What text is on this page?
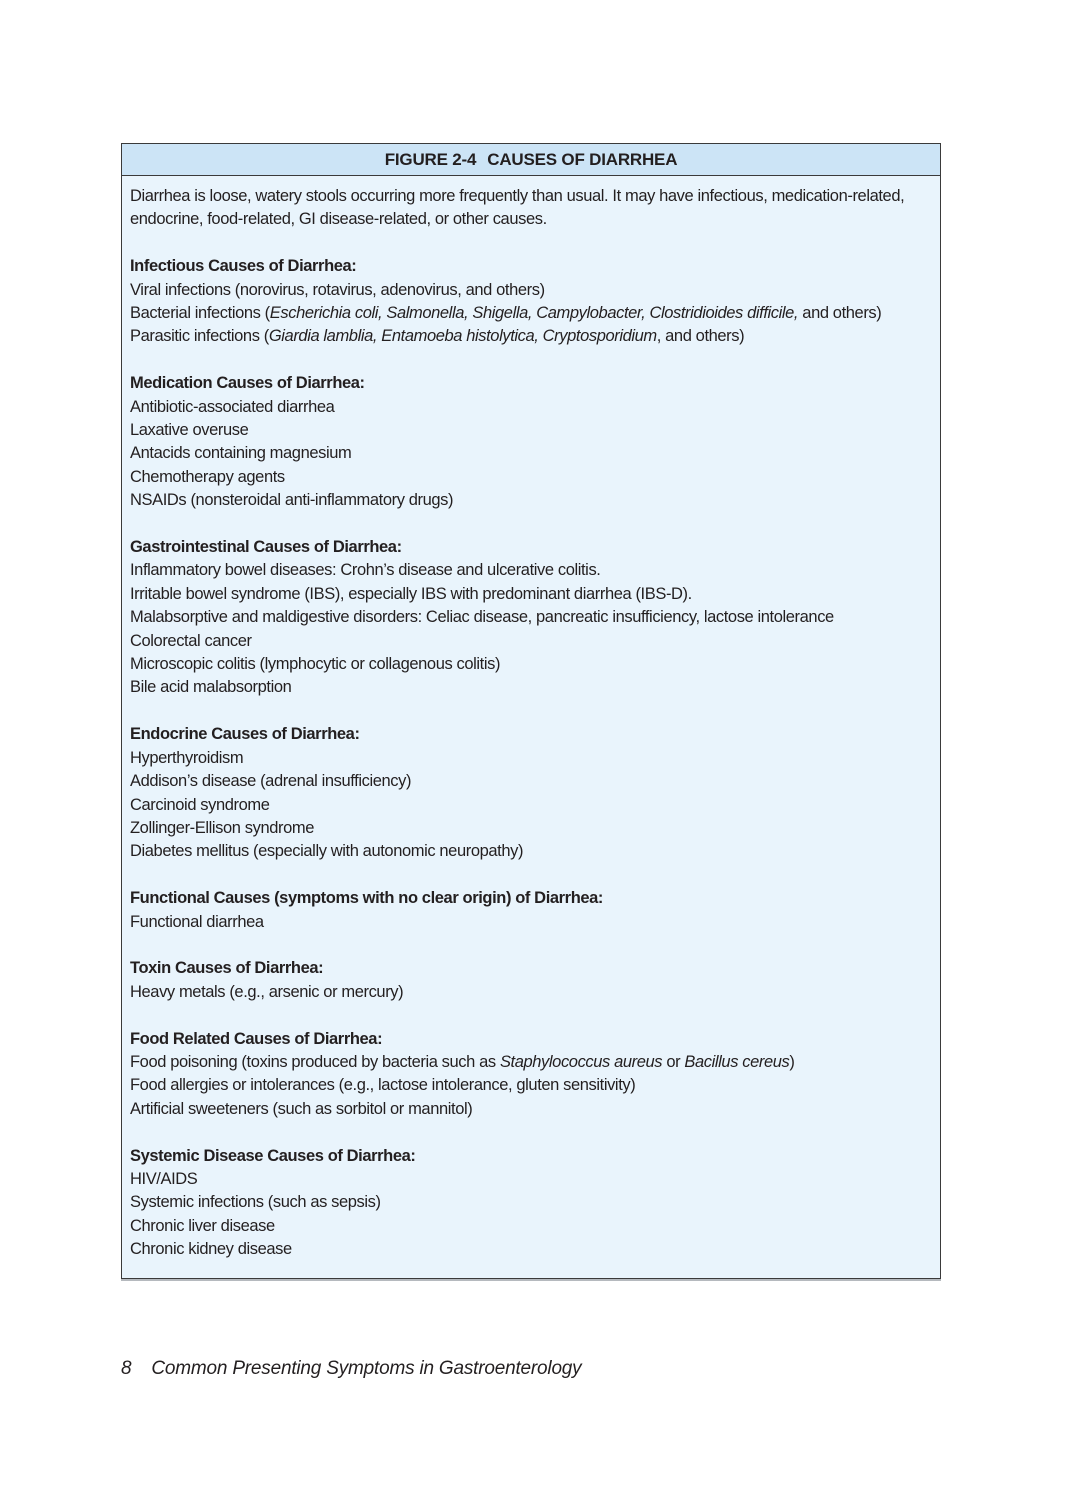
FIGURE 2-4 CAUSES OF DIARRHEA

Diarrhea is loose, watery stools occurring more frequently than usual. It may have infectious, medication-related, endocrine, food-related, GI disease-related, or other causes.

Infectious Causes of Diarrhea:

Viral infections (norovirus, rotavirus, adenovirus, and others)

Bacterial infections (Escherichia coli, Salmonella, Shigella, Campylobacter, Clostridioides difficile, and others)

Parasitic infections (Giardia lamblia, Entamoeba histolytica, Cryptosporidium, and others)

Medication Causes of Diarrhea:

Antibiotic-associated diarrhea

Laxative overuse

Antacids containing magnesium

Chemotherapy agents

NSAIDs (nonsteroidal anti-inflammatory drugs)

Gastrointestinal Causes of Diarrhea:

Inflammatory bowel diseases: Crohn’s disease and ulcerative colitis.

Irritable bowel syndrome (IBS), especially IBS with predominant diarrhea (IBS-D).

Malabsorptive and maldigestive disorders: Celiac disease, pancreatic insufficiency, lactose intolerance

Colorectal cancer

Microscopic colitis (lymphocytic or collagenous colitis)

Bile acid malabsorption

Endocrine Causes of Diarrhea:

Hyperthyroidism

Addison’s disease (adrenal insufficiency)

Carcinoid syndrome

Zollinger-Ellison syndrome

Diabetes mellitus (especially with autonomic neuropathy)

Functional Causes (symptoms with no clear origin) of Diarrhea:

Functional diarrhea

Toxin Causes of Diarrhea:

Heavy metals (e.g., arsenic or mercury)

Food Related Causes of Diarrhea:

Food poisoning (toxins produced by bacteria such as Staphylococcus aureus or Bacillus cereus)

Food allergies or intolerances (e.g., lactose intolerance, gluten sensitivity)

Artificial sweeteners (such as sorbitol or mannitol)

Systemic Disease Causes of Diarrhea:

HIV/AIDS

Systemic infections (such as sepsis)

Chronic liver disease

Chronic kidney disease

8 Common Presenting Symptoms in Gastroenterology
